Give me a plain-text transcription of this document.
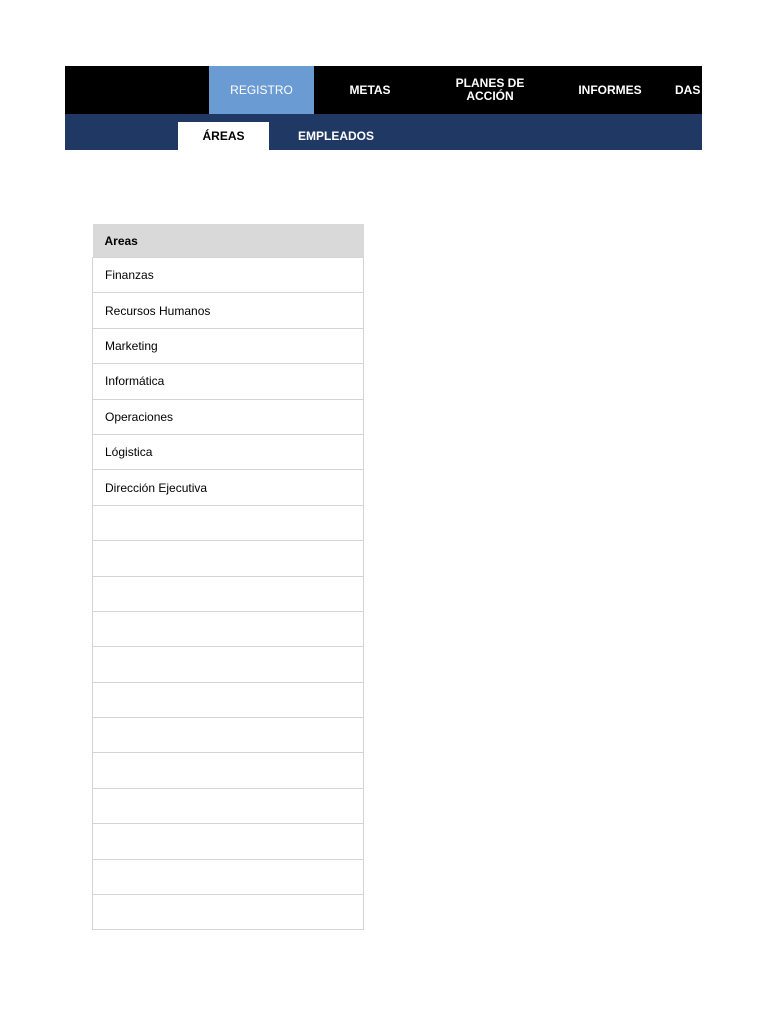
REGISTRO	METAS	PLANES DE ACCIÓN	INFORMES	DAS
ÁREAS	EMPLEADOS
Areas
Finanzas
Recursos Humanos
Marketing
Informática
Operaciones
Lógistica
Dirección Ejecutiva
